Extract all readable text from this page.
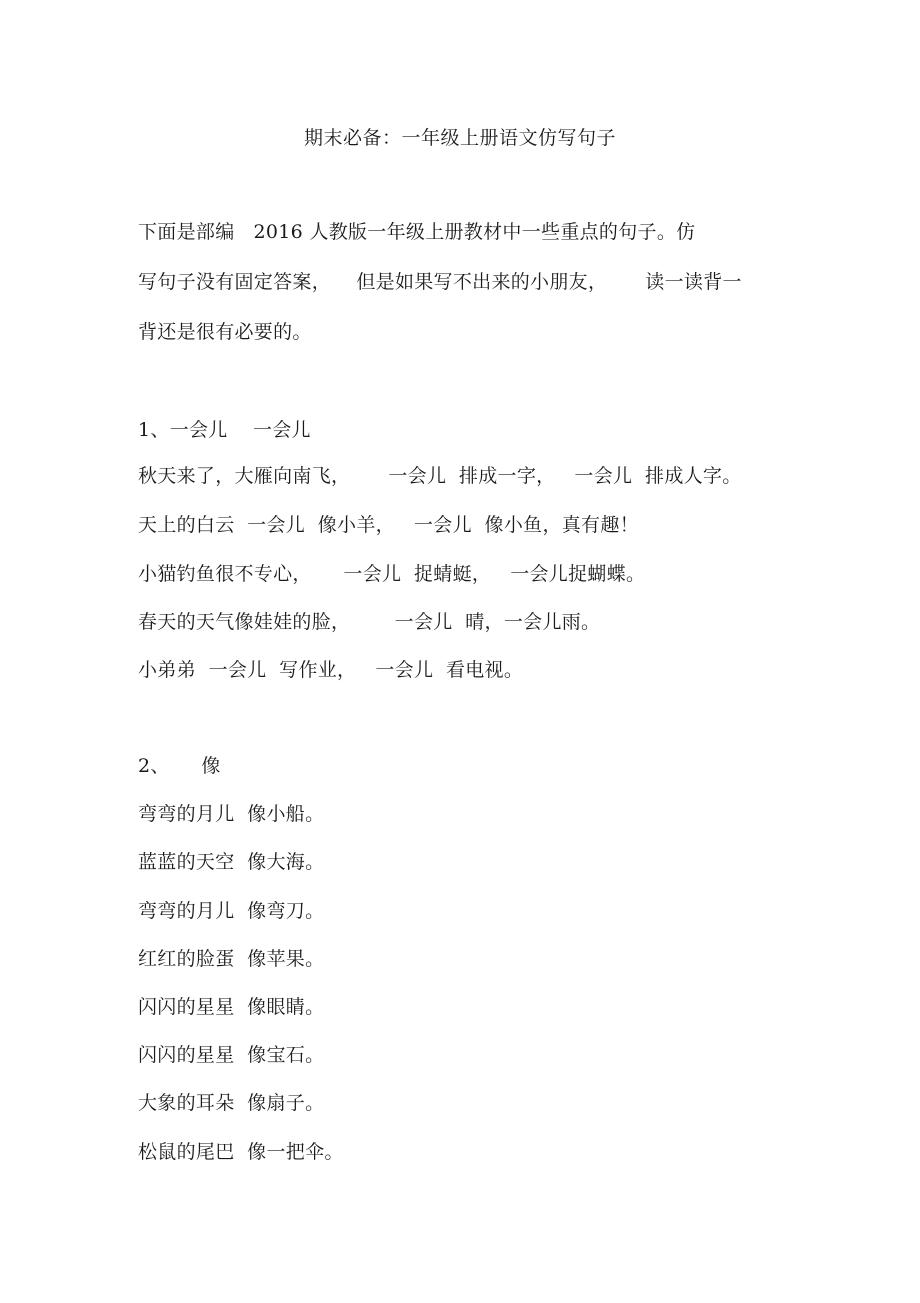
期末必备：一年级上册语文仿写句子
下面是部编   2016 人教版一年级上册教材中一些重点的句子。仿
写句子没有固定答案，    但是如果写不出来的小朋友，      读一读背一
背还是很有必要的。
1、一会儿    一会儿
秋天来了，大雁向南飞，      一会儿  排成一字，   一会儿  排成人字。
天上的白云  一会儿  像小羊，   一会儿  像小鱼，真有趣！
小猫钓鱼很不专心，     一会儿  捉蜻蜓，   一会儿捉蝴蝶。
春天的天气像娃娃的脸，       一会儿  晴，一会儿雨。
小弟弟  一会儿  写作业，   一会儿  看电视。
2、     像
弯弯的月儿  像小船。
蓝蓝的天空  像大海。
弯弯的月儿  像弯刀。
红红的脸蛋  像苹果。
闪闪的星星  像眼睛。
闪闪的星星  像宝石。
大象的耳朵  像扇子。
松鼠的尾巴  像一把伞。
